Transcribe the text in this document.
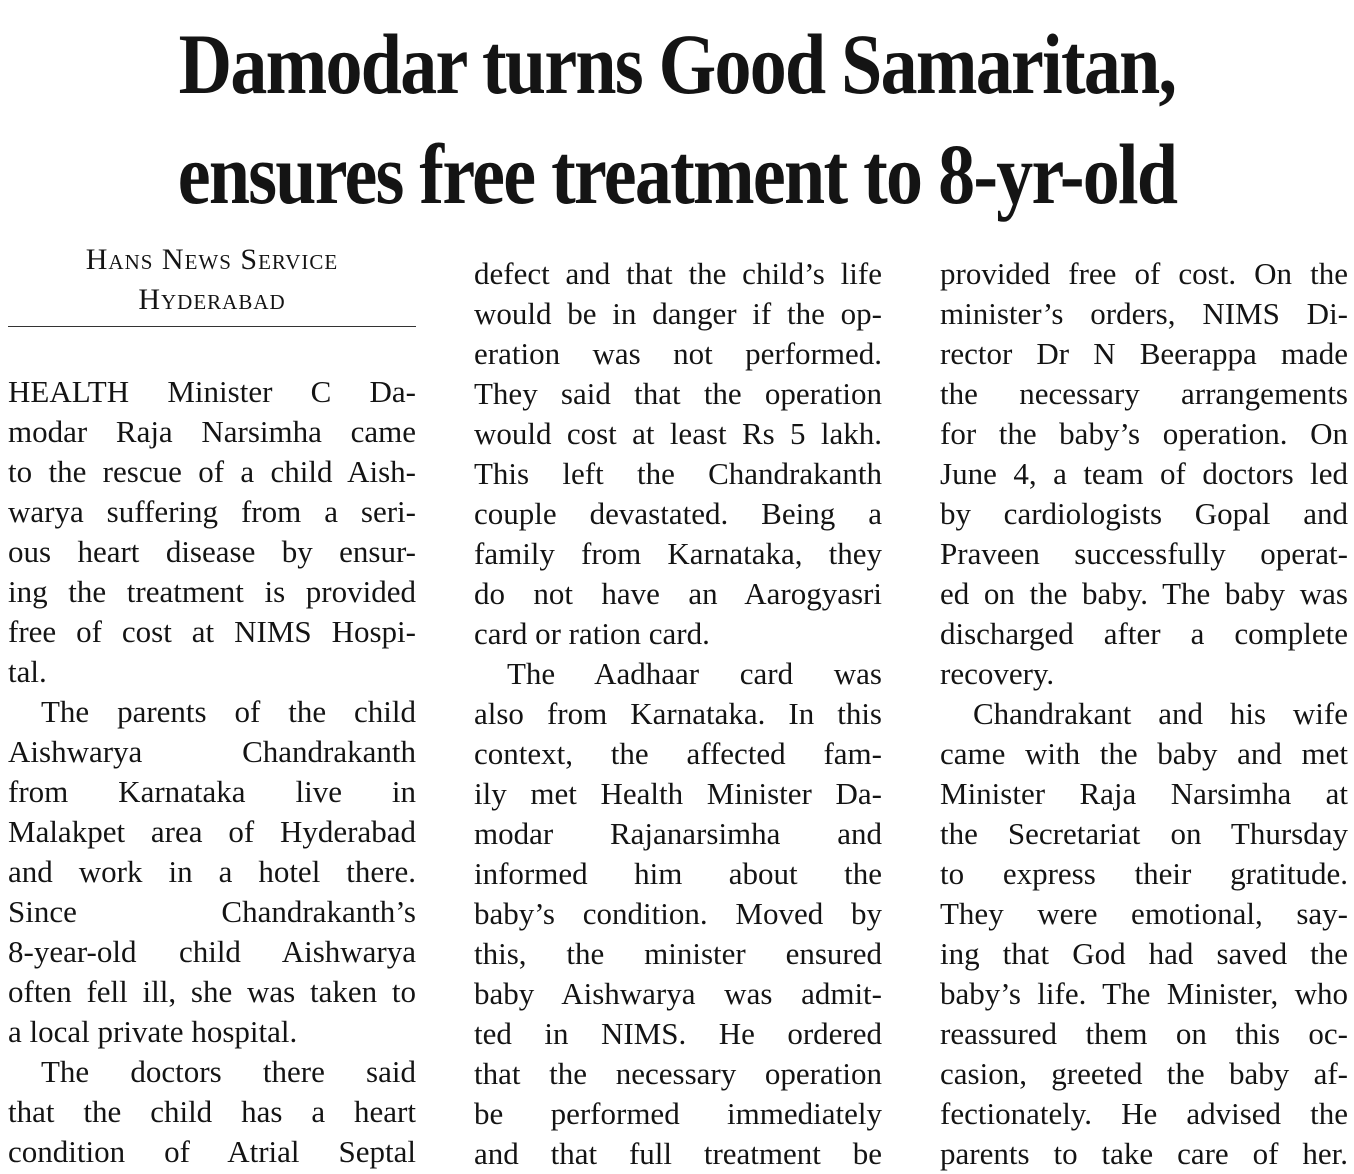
Damodar turns Good Samaritan,
ensures free treatment to 8-yr-old
Hans News Service
Hyderabad
HEALTH Minister C Da-
modar Raja Narsimha came
to the rescue of a child Aish-
warya suffering from a seri-
ous heart disease by ensur-
ing the treatment is provided
free of cost at NIMS Hospi-
tal.
The parents of the child
Aishwarya Chandrakanth
from Karnataka live in
Malakpet area of Hyderabad
and work in a hotel there.
Since Chandrakanth’s
8-year-old child Aishwarya
often fell ill, she was taken to
a local private hospital.
The doctors there said
that the child has a heart
condition of Atrial Septal
defect and that the child’s life
would be in danger if the op-
eration was not performed.
They said that the operation
would cost at least Rs 5 lakh.
This left the Chandrakanth
couple devastated. Being a
family from Karnataka, they
do not have an Aarogyasri
card or ration card.
The Aadhaar card was
also from Karnataka. In this
context, the affected fam-
ily met Health Minister Da-
modar Rajanarsimha and
informed him about the
baby’s condition. Moved by
this, the minister ensured
baby Aishwarya was admit-
ted in NIMS. He ordered
that the necessary operation
be performed immediately
and that full treatment be
provided free of cost. On the
minister’s orders, NIMS Di-
rector Dr N Beerappa made
the necessary arrangements
for the baby’s operation. On
June 4, a team of doctors led
by cardiologists Gopal and
Praveen successfully operat-
ed on the baby. The baby was
discharged after a complete
recovery.
Chandrakant and his wife
came with the baby and met
Minister Raja Narsimha at
the Secretariat on Thursday
to express their gratitude.
They were emotional, say-
ing that God had saved the
baby’s life. The Minister, who
reassured them on this oc-
casion, greeted the baby af-
fectionately. He advised the
parents to take care of her.
